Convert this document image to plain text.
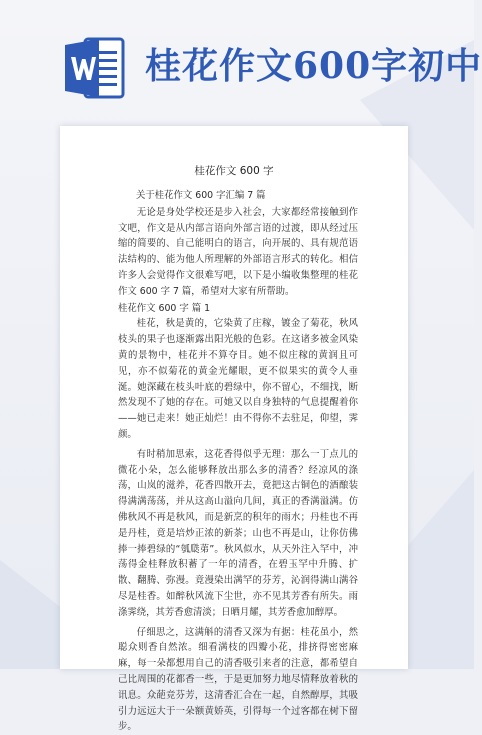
桂花作文600字初中
桂花作文 600 字

关于桂花作文 600 字汇编 7 篇

无论是身处学校还是步入社会，大家都经常接触到作文吧，作文是从内部言语向外部言语的过渡，即从经过压缩的简要的、自己能明白的语言，向开展的、具有规范语法结构的、能为他人所理解的外部语言形式的转化。相信许多人会觉得作文很难写吧，以下是小编收集整理的桂花作文 600 字 7 篇，希望对大家有所帮助。

桂花作文 600 字 篇 1

桂花，秋是黄的，它染黄了庄稼，镀金了菊花，秋风枝头的果子也逐渐露出阳光般的色彩。在这诸多被金风染黄的景物中，桂花并不算夺目。她不似庄稼的黄润且可见，亦不似菊花的黄金光耀眼，更不似果实的黄令人垂涎。她深藏在枝头叶底的碧绿中，你不留心，不细找，断然发现不了她的存在。可她又以自身独特的气息提醒着你——她已走来！她正灿烂！由不得你不去驻足，仰望，霁颜。

有时稍加思索，这花香得似乎无理：那么一丁点儿的微花小朵，怎么能够释放出那么多的清香？经凉风的涤荡，山岚的滋养，花香四散开去，竟把这古铜色的酒酿装得满满荡荡，并从这高山溢向几间，真正的香满溢满。仿佛秋风不再是秋风，而是新烹的积年的雨水；丹桂也不再是丹桂，竟是培炒正浓的新茶；山也不再是山，让你仿佛捧一捧碧绿的“瓠瓞苐”。秋风似水，从天外注入罕中，冲荡得金桂释放积蓄了一年的清香，在碧玉罕中升腾、扩散、翻腾、弥漫。竟漫染出满罕的芬芳，沁润得满山满谷尽是桂香。如醉秋风流下尘世，亦不见其芳香有所失。雨涤霁绕，其芳香愈清淡；日晒月耀，其芳香愈加醇厚。

仔细思之，这满斛的清香又深为有据：桂花虽小，然聪众则香自然浓。细看满枝的四瓣小花，排挤得密密麻麻，每一朵都想用自己的清香吸引来者的注意，都希望自己比周围的花都香一些，于是更加努力地尽情释放着秋的讯息。众葩竞芬芳，这清香汇合在一起，自然醇厚，其吸引力远远大于一朵额黄娇英，引得每一个过客都在树下留步。
